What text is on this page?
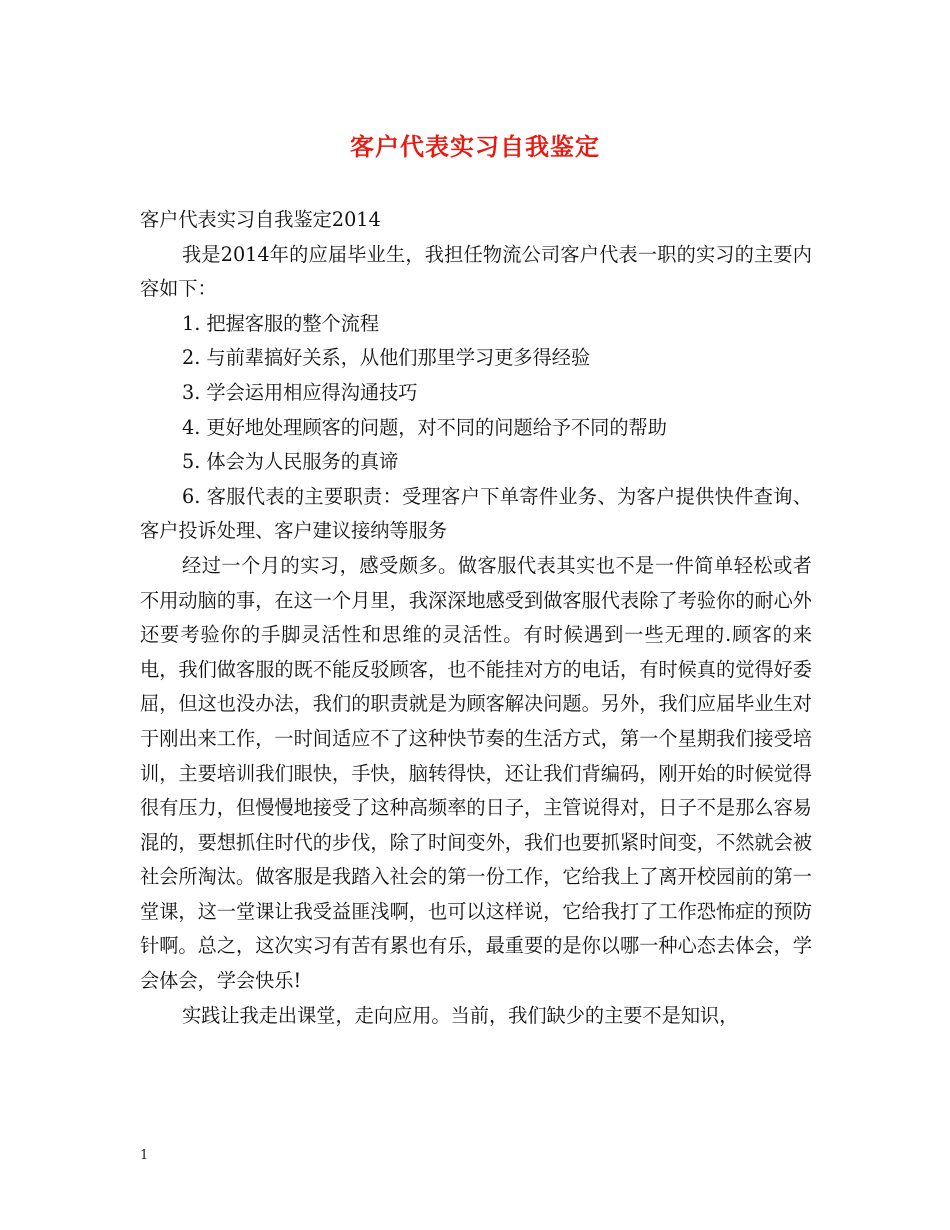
客户代表实习自我鉴定

客户代表实习自我鉴定2014

我是2014年的应届毕业生，我担任物流公司客户代表一职的实习的主要内容如下：

1. 把握客服的整个流程

2. 与前辈搞好关系，从他们那里学习更多得经验

3. 学会运用相应得沟通技巧

4. 更好地处理顾客的问题，对不同的问题给予不同的帮助

5. 体会为人民服务的真谛

6. 客服代表的主要职责：受理客户下单寄件业务、为客户提供快件查询、客户投诉处理、客户建议接纳等服务

经过一个月的实习，感受颇多。做客服代表其实也不是一件简单轻松或者不用动脑的事，在这一个月里，我深深地感受到做客服代表除了考验你的耐心外还要考验你的手脚灵活性和思维的灵活性。有时候遇到一些无理的.顾客的来电，我们做客服的既不能反驳顾客，也不能挂对方的电话，有时候真的觉得好委屈，但这也没办法，我们的职责就是为顾客解决问题。另外，我们应届毕业生对于刚出来工作，一时间适应不了这种快节奏的生活方式，第一个星期我们接受培训，主要培训我们眼快，手快，脑转得快，还让我们背编码，刚开始的时候觉得很有压力，但慢慢地接受了这种高频率的日子，主管说得对，日子不是那么容易混的，要想抓住时代的步伐，除了时间变外，我们也要抓紧时间变，不然就会被社会所淘汰。做客服是我踏入社会的第一份工作，它给我上了离开校园前的第一堂课，这一堂课让我受益匪浅啊，也可以这样说，它给我打了工作恐怖症的预防针啊。总之，这次实习有苦有累也有乐，最重要的是你以哪一种心态去体会，学会体会，学会快乐!

实践让我走出课堂，走向应用。当前，我们缺少的主要不是知识，

1
